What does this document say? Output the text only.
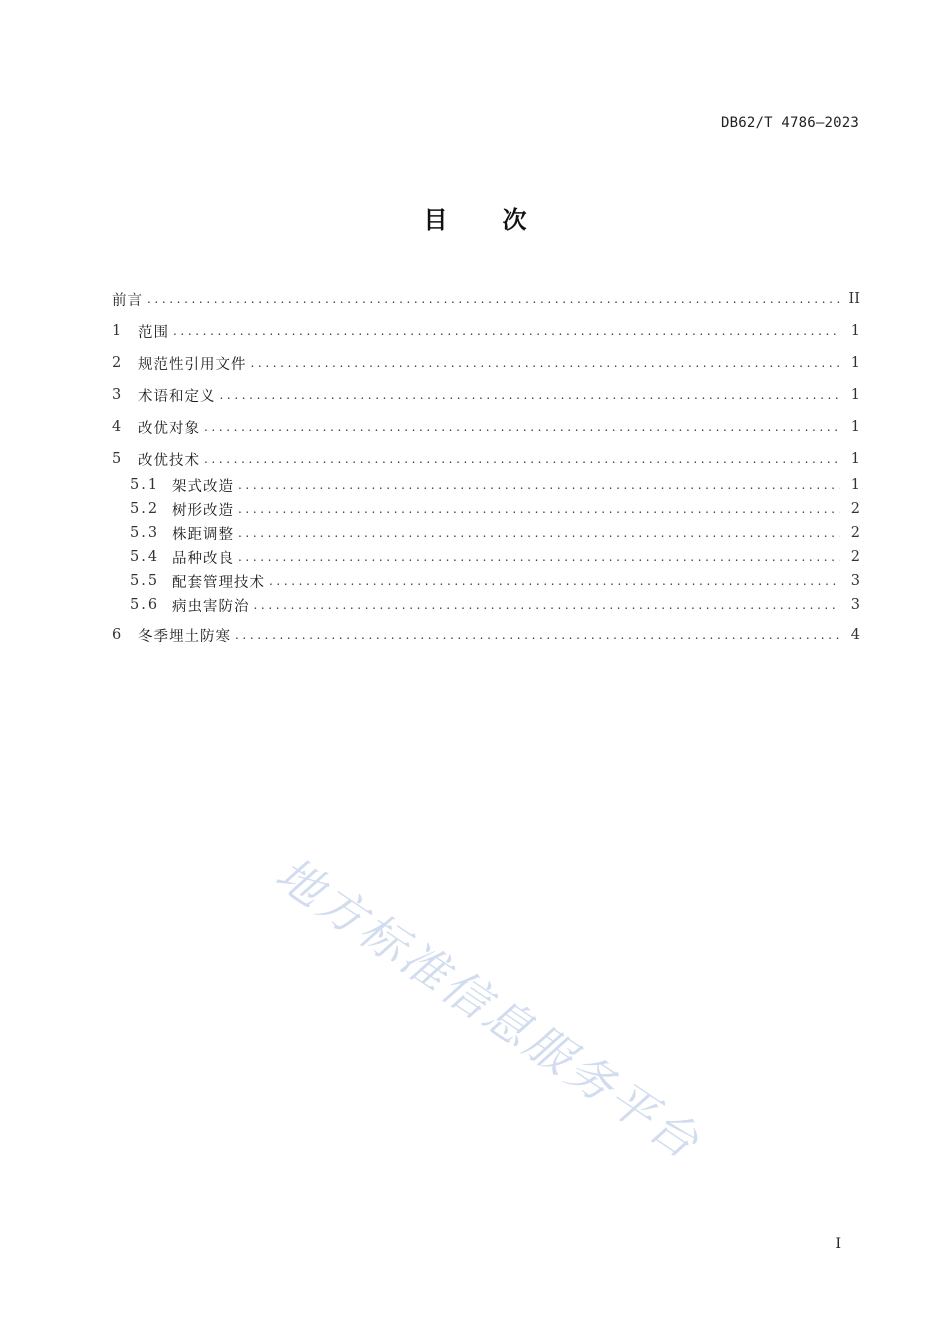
DB62/T 4786—2023
目 次
前言 .....	II
1	范围 .....	1
2	规范性引用文件 .....	1
3	术语和定义 .....	1
4	改优对象 .....	1
5	改优技术 .....	1
5.1 架式改造 .....	1
5.2 树形改造 .....	2
5.3 株距调整 .....	2
5.4 品种改良 .....	2
5.5 配套管理技术 .....	3
5.6 病虫害防治 .....	3
6	冬季埋土防寒 .....	4
地方标准信息服务平台
I
